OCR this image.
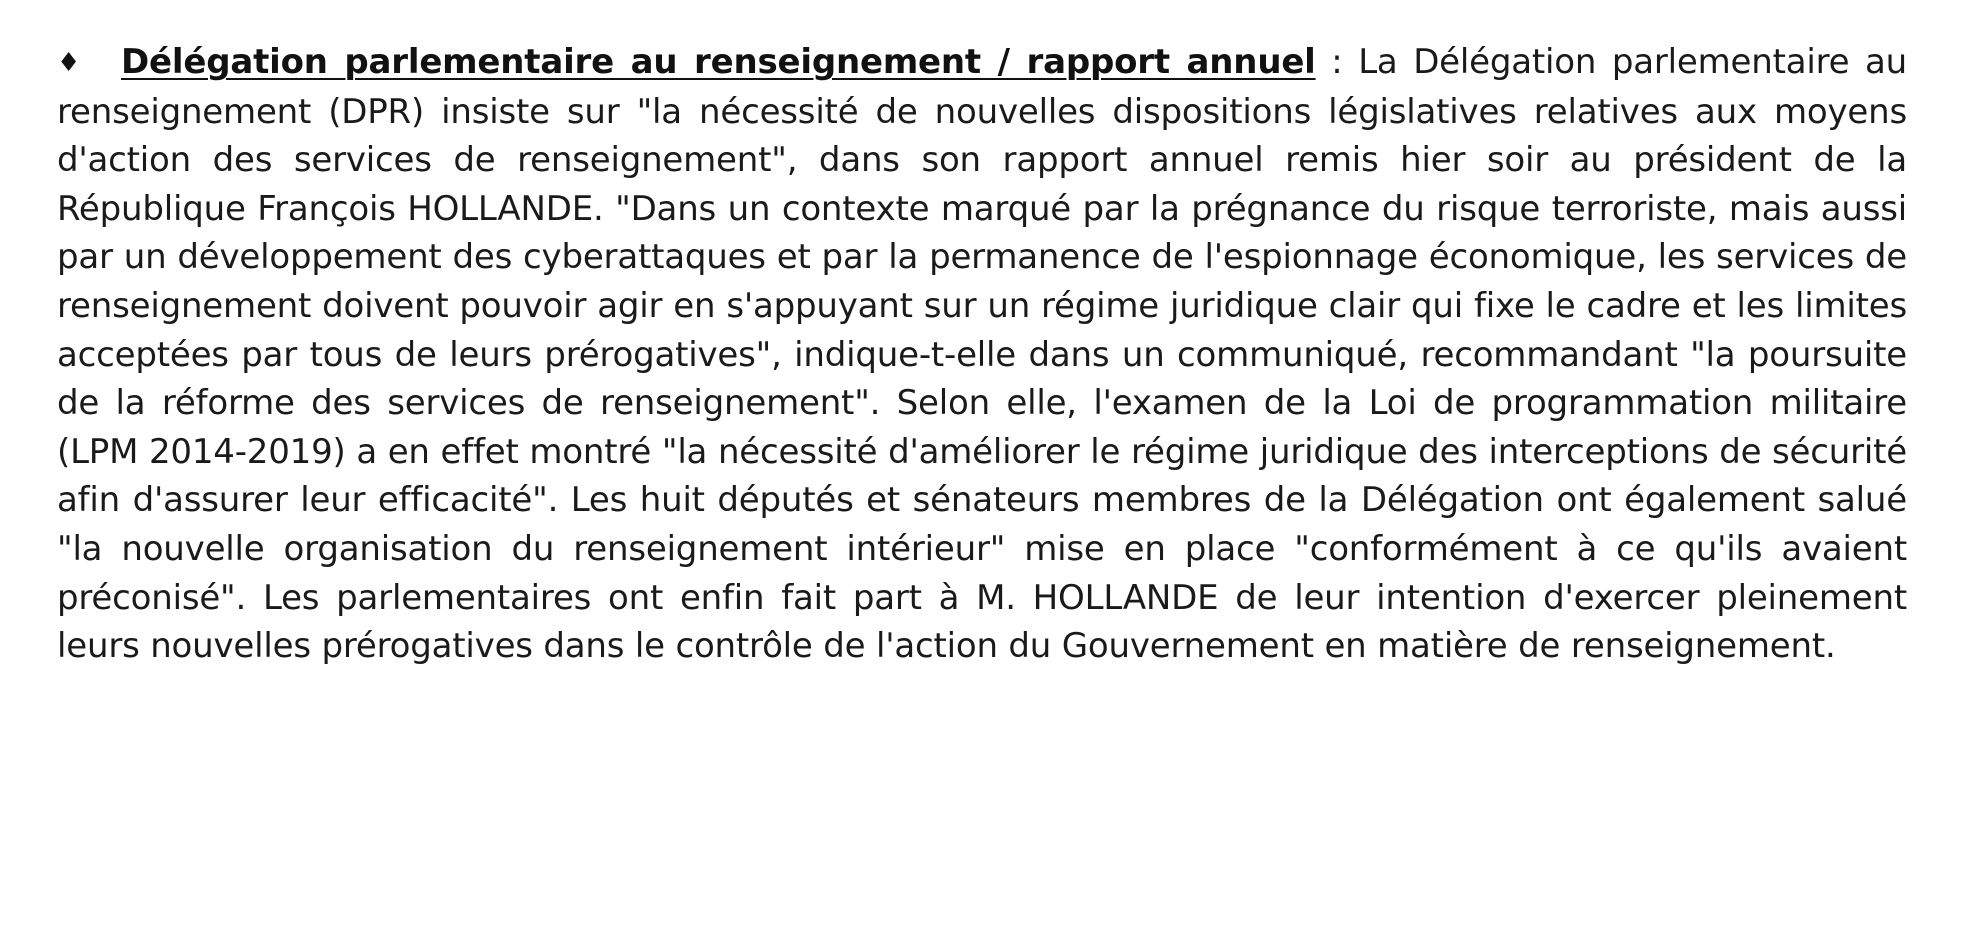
♦ Délégation parlementaire au renseignement / rapport annuel : La Délégation parlementaire au renseignement (DPR) insiste sur "la nécessité de nouvelles dispositions législatives relatives aux moyens d'action des services de renseignement", dans son rapport annuel remis hier soir au président de la République François HOLLANDE. "Dans un contexte marqué par la prégnance du risque terroriste, mais aussi par un développement des cyberattaques et par la permanence de l'espionnage économique, les services de renseignement doivent pouvoir agir en s'appuyant sur un régime juridique clair qui fixe le cadre et les limites acceptées par tous de leurs prérogatives", indique-t-elle dans un communiqué, recommandant "la poursuite de la réforme des services de renseignement". Selon elle, l'examen de la Loi de programmation militaire (LPM 2014-2019) a en effet montré "la nécessité d'améliorer le régime juridique des interceptions de sécurité afin d'assurer leur efficacité". Les huit députés et sénateurs membres de la Délégation ont également salué "la nouvelle organisation du renseignement intérieur" mise en place "conformément à ce qu'ils avaient préconisé". Les parlementaires ont enfin fait part à M. HOLLANDE de leur intention d'exercer pleinement leurs nouvelles prérogatives dans le contrôle de l'action du Gouvernement en matière de renseignement.
